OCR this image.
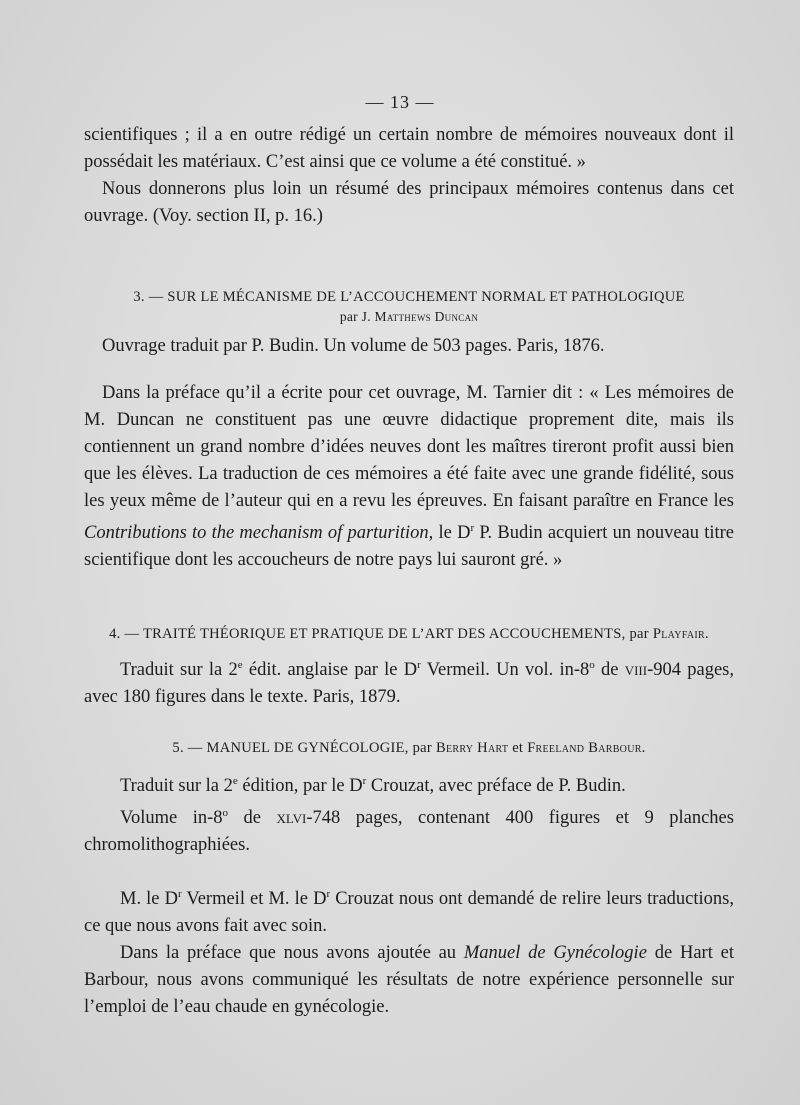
— 13 —

scientifiques ; il a en outre rédigé un certain nombre de mémoires nouveaux dont il possédait les matériaux. C’est ainsi que ce volume a été constitué. »

Nous donnerons plus loin un résumé des principaux mémoires contenus dans cet ouvrage. (Voy. section II, p. 16.)

3. — SUR LE MÉCANISME DE L’ACCOUCHEMENT NORMAL ET PATHOLOGIQUE
par J. Matthews Duncan

Ouvrage traduit par P. Budin. Un volume de 503 pages. Paris, 1876.

Dans la préface qu’il a écrite pour cet ouvrage, M. Tarnier dit : « Les mémoires de M. Duncan ne constituent pas une œuvre didactique proprement dite, mais ils contiennent un grand nombre d’idées neuves dont les maîtres tireront profit aussi bien que les élèves. La traduction de ces mémoires a été faite avec une grande fidélité, sous les yeux même de l’auteur qui en a revu les épreuves. En faisant paraître en France les Contributions to the mechanism of parturition, le $D^r$ P. Budin acquiert un nouveau titre scientifique dont les accoucheurs de notre pays lui sauront gré. »

4. — TRAITÉ THÉORIQUE ET PRATIQUE DE L’ART DES ACCOUCHEMENTS, par Playfair.

Traduit sur la 2e édit. anglaise par le $D^r$ Vermeil. Un vol. in-8$^o$ de viii-904 pages, avec 180 figures dans le texte. Paris, 1879.

5. — MANUEL DE GYNÉCOLOGIE, par Berry Hart et Freeland Barbour.

Traduit sur la 2e édition, par le $D^r$ Crouzat, avec préface de P. Budin.

Volume in-8$^o$ de xlvi-748 pages, contenant 400 figures et 9 planches chromolithographiées.

M. le $D^r$ Vermeil et M. le $D^r$ Crouzat nous ont demandé de relire leurs traductions, ce que nous avons fait avec soin.

Dans la préface que nous avons ajoutée au Manuel de Gynécologie de Hart et Barbour, nous avons communiqué les résultats de notre expérience personnelle sur l’emploi de l’eau chaude en gynécologie.
